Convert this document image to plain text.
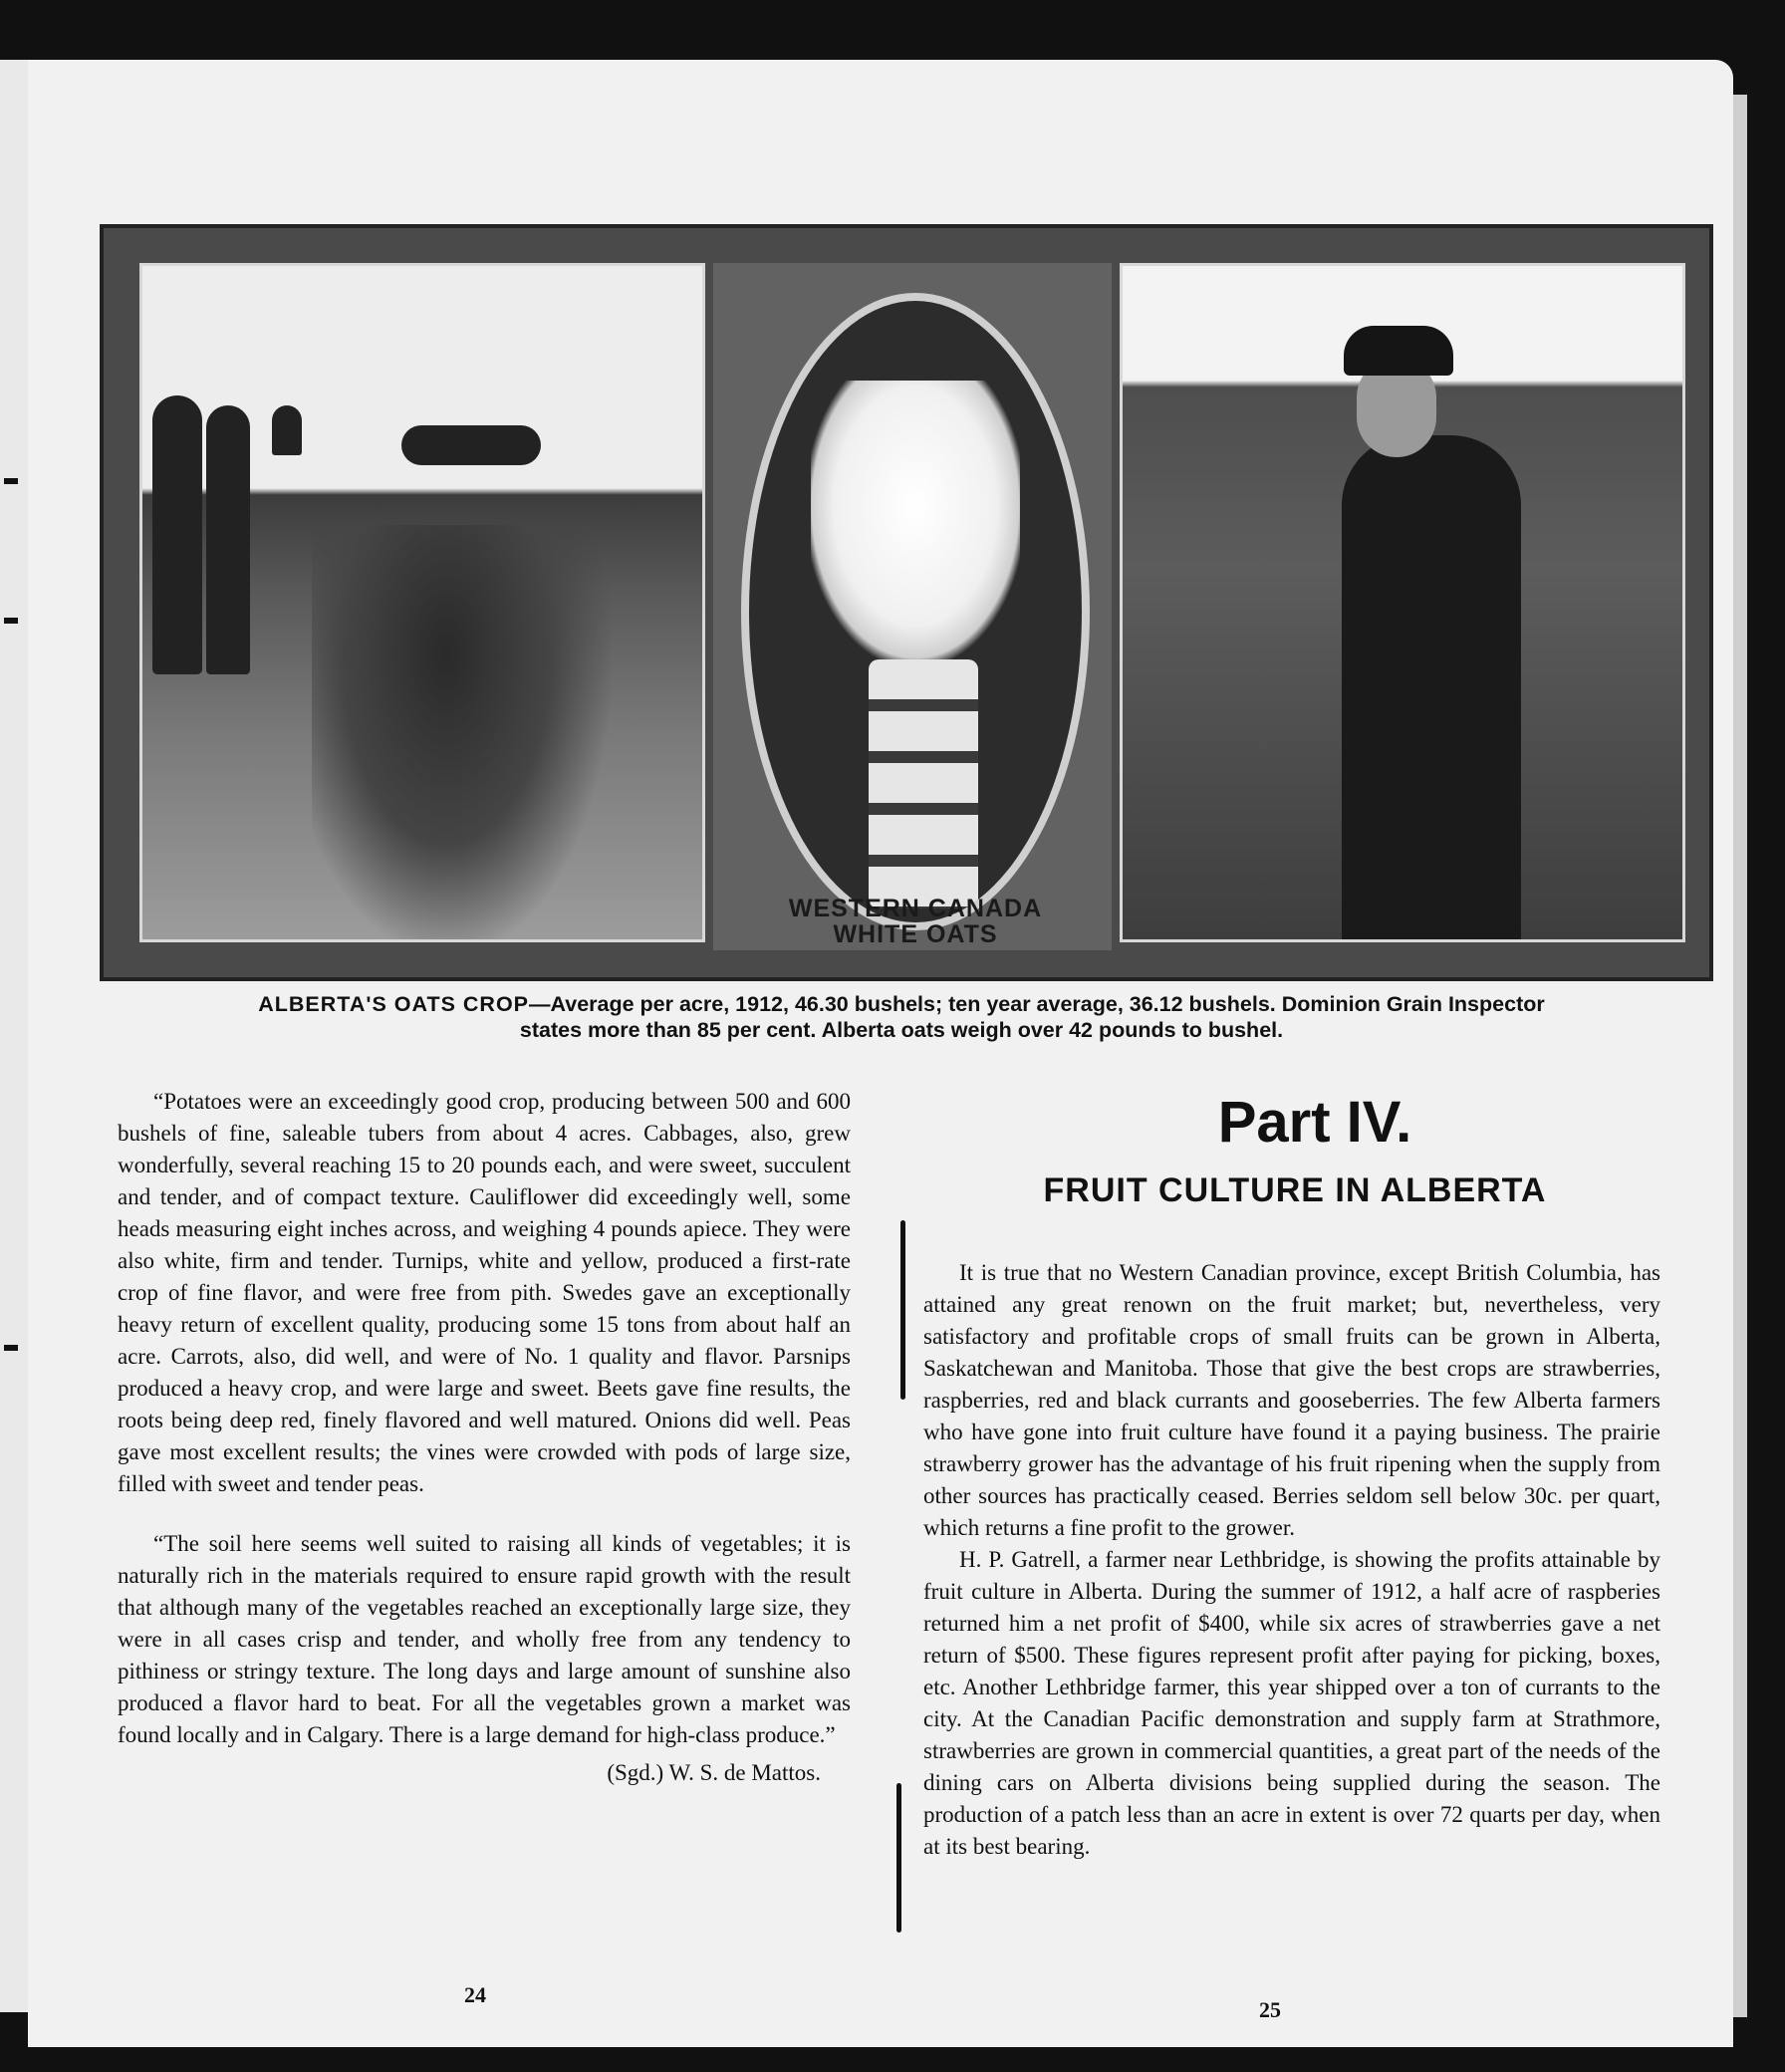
WESTERN CANADA
WHITE OATS
ALBERTA'S OATS CROP—Average per acre, 1912, 46.30 bushels; ten year average, 36.12 bushels. Dominion Grain Inspector
states more than 85 per cent. Alberta oats weigh over 42 pounds to bushel.

“Potatoes were an exceedingly good crop, producing between 500 and 600 bushels of fine, saleable tubers from about 4 acres. Cabbages, also, grew wonderfully, several reaching 15 to 20 pounds each, and were sweet, succulent and tender, and of compact texture. Cauliflower did exceedingly well, some heads measuring eight inches across, and weighing 4 pounds apiece. They were also white, firm and tender. Turnips, white and yellow, produced a first-rate crop of fine flavor, and were free from pith. Swedes gave an exceptionally heavy return of excellent quality, producing some 15 tons from about half an acre. Carrots, also, did well, and were of No. 1 quality and flavor. Parsnips produced a heavy crop, and were large and sweet. Beets gave fine results, the roots being deep red, finely flavored and well matured. Onions did well. Peas gave most excellent results; the vines were crowded with pods of large size, filled with sweet and tender peas.

“The soil here seems well suited to raising all kinds of vegetables; it is naturally rich in the materials required to ensure rapid growth with the result that although many of the vegetables reached an exceptionally large size, they were in all cases crisp and tender, and wholly free from any tendency to pithiness or stringy texture. The long days and large amount of sunshine also produced a flavor hard to beat. For all the vegetables grown a market was found locally and in Calgary. There is a large demand for high-class produce.”

(Sgd.) W. S. de Mattos.

Part IV.
FRUIT CULTURE IN ALBERTA

It is true that no Western Canadian province, except British Columbia, has attained any great renown on the fruit market; but, nevertheless, very satisfactory and profitable crops of small fruits can be grown in Alberta, Saskatchewan and Manitoba. Those that give the best crops are strawberries, raspberries, red and black currants and gooseberries. The few Alberta farmers who have gone into fruit culture have found it a paying business. The prairie strawberry grower has the advantage of his fruit ripening when the supply from other sources has practically ceased. Berries seldom sell below 30c. per quart, which returns a fine profit to the grower.

H. P. Gatrell, a farmer near Lethbridge, is showing the profits attainable by fruit culture in Alberta. During the summer of 1912, a half acre of raspberies returned him a net profit of $400, while six acres of strawberries gave a net return of $500. These figures represent profit after paying for picking, boxes, etc. Another Lethbridge farmer, this year shipped over a ton of currants to the city. At the Canadian Pacific demonstration and supply farm at Strathmore, strawberries are grown in commercial quantities, a great part of the needs of the dining cars on Alberta divisions being supplied during the season. The production of a patch less than an acre in extent is over 72 quarts per day, when at its best bearing.

24
25
